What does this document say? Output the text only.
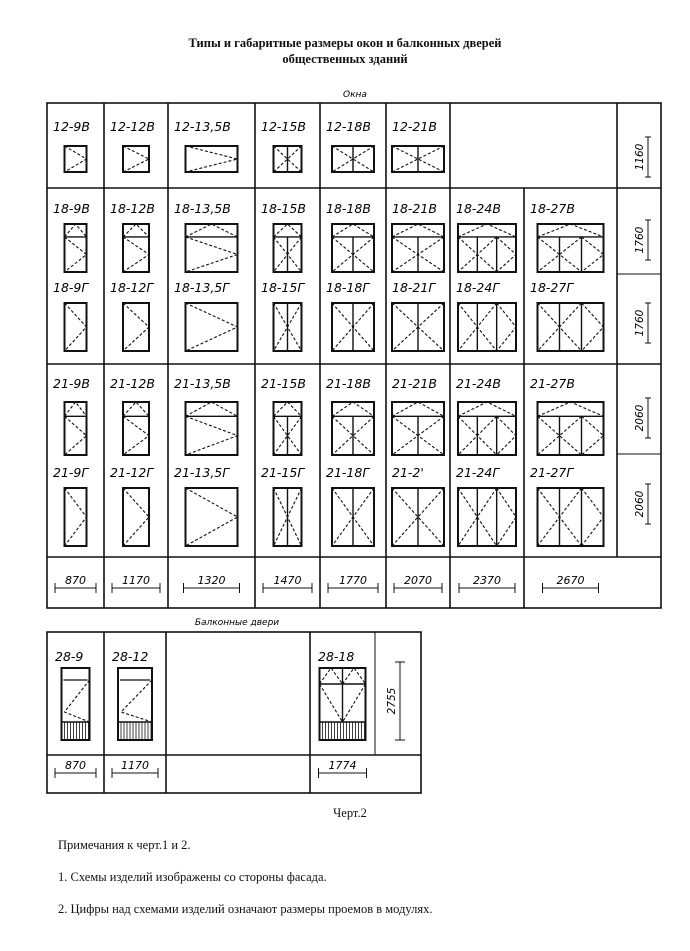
Типы и габаритные размеры окон и балконных дверей
общественных зданий
Окна
Балконные двери
12-9В 12-12В 12-13,5В 12-15В 12-18В 12-21В
1160
18-9В 18-12В 18-13,5В 18-15В 18-18В 18-21В 18-24В 18-27В
1760
18-9Г 18-12Г 18-13,5Г	18-15Г 18-18Г 18-21Г 18-24Г 18-27Г
1760
21-9В 21-12В 21-13,5В 21-15В 21-18В 21-21В 21-24В 21-27В
2060
21-9Г 21-12Г 21-13,5Г	21-15Г 21-18Г 21-2'	21-24Г 21-27Г
2060
870	1170	1320	1470	1770	2070	2370	2670
28-9
870
28-12
1170
28-18
1774
2755
Черт.2
Примечания к черт.1 и 2.
1. Схемы изделий изображены со стороны фасада.
2. Цифры над схемами изделий означают размеры проемов в модулях.
